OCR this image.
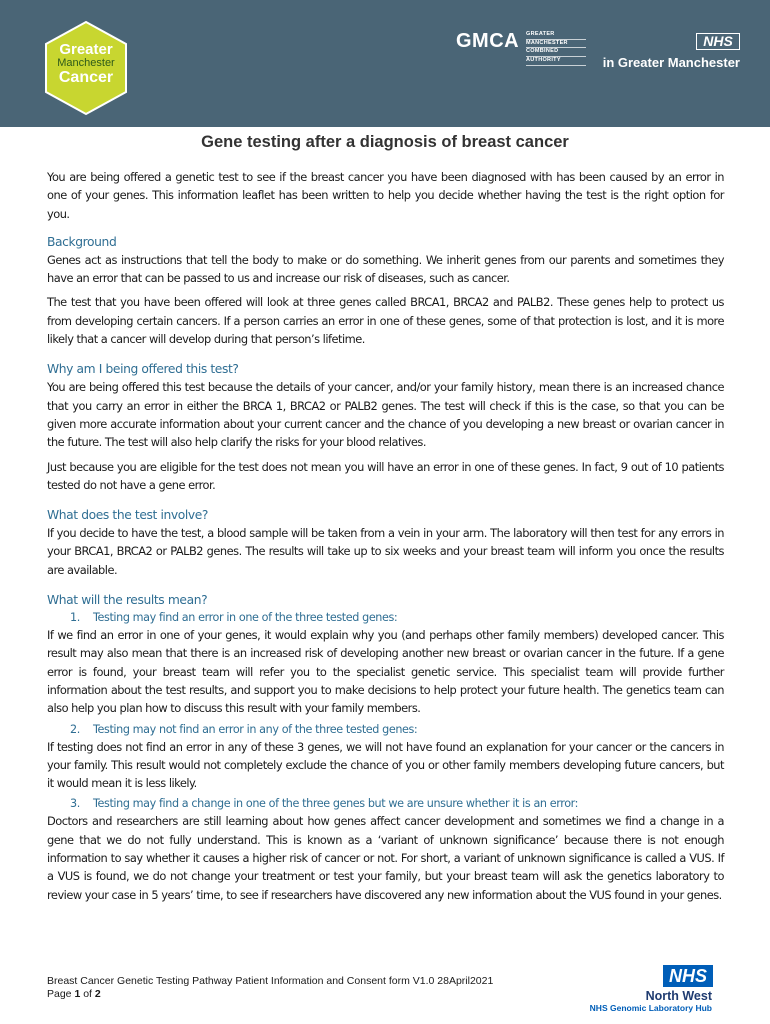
Greater
Manchester
Cancer
GMCA GREATER
MANCHESTER
COMBINED
AUTHORITY
NHS
in Greater Manchester
Gene testing after a diagnosis of breast cancer

You are being offered a genetic test to see if the breast cancer you have been diagnosed with has been caused by an error in one of your genes. This information leaflet has been written to help you decide whether having the test is the right option for you.

Background

Genes act as instructions that tell the body to make or do something. We inherit genes from our parents and sometimes they have an error that can be passed to us and increase our risk of diseases, such as cancer.

The test that you have been offered will look at three genes called BRCA1, BRCA2 and PALB2. These genes help to protect us from developing certain cancers. If a person carries an error in one of these genes, some of that protection is lost, and it is more likely that a cancer will develop during that person’s lifetime.

Why am I being offered this test?

You are being offered this test because the details of your cancer, and/or your family history, mean there is an increased chance that you carry an error in either the BRCA 1, BRCA2 or PALB2 genes. The test will check if this is the case, so that you can be given more accurate information about your current cancer and the chance of you developing a new breast or ovarian cancer in the future. The test will also help clarify the risks for your blood relatives.

Just because you are eligible for the test does not mean you will have an error in one of these genes. In fact, 9 out of 10 patients tested do not have a gene error.

What does the test involve?

If you decide to have the test, a blood sample will be taken from a vein in your arm. The laboratory will then test for any errors in your BRCA1, BRCA2 or PALB2 genes. The results will take up to six weeks and your breast team will inform you once the results are available.

What will the results mean?
1. Testing may find an error in one of the three tested genes:

If we find an error in one of your genes, it would explain why you (and perhaps other family members) developed cancer. This result may also mean that there is an increased risk of developing another new breast or ovarian cancer in the future. If a gene error is found, your breast team will refer you to the specialist genetic service. This specialist team will provide further information about the test results, and support you to make decisions to help protect your future health. The genetics team can also help you plan how to discuss this result with your family members.

2. Testing may not find an error in any of the three tested genes:

If testing does not find an error in any of these 3 genes, we will not have found an explanation for your cancer or the cancers in your family. This result would not completely exclude the chance of you or other family members developing future cancers, but it would mean it is less likely.

3. Testing may find a change in one of the three genes but we are unsure whether it is an error:

Doctors and researchers are still learning about how genes affect cancer development and sometimes we find a change in a gene that we do not fully understand. This is known as a ‘variant of unknown significance’ because there is not enough information to say whether it causes a higher risk of cancer or not. For short, a variant of unknown significance is called a VUS. If a VUS is found, we do not change your treatment or test your family, but your breast team will ask the genetics laboratory to review your case in 5 years’ time, to see if researchers have discovered any new information about the VUS found in your genes.

Breast Cancer Genetic Testing Pathway Patient Information and Consent form V1.0 28April2021
Page 1 of 2
NHS
North West
NHS Genomic Laboratory Hub
